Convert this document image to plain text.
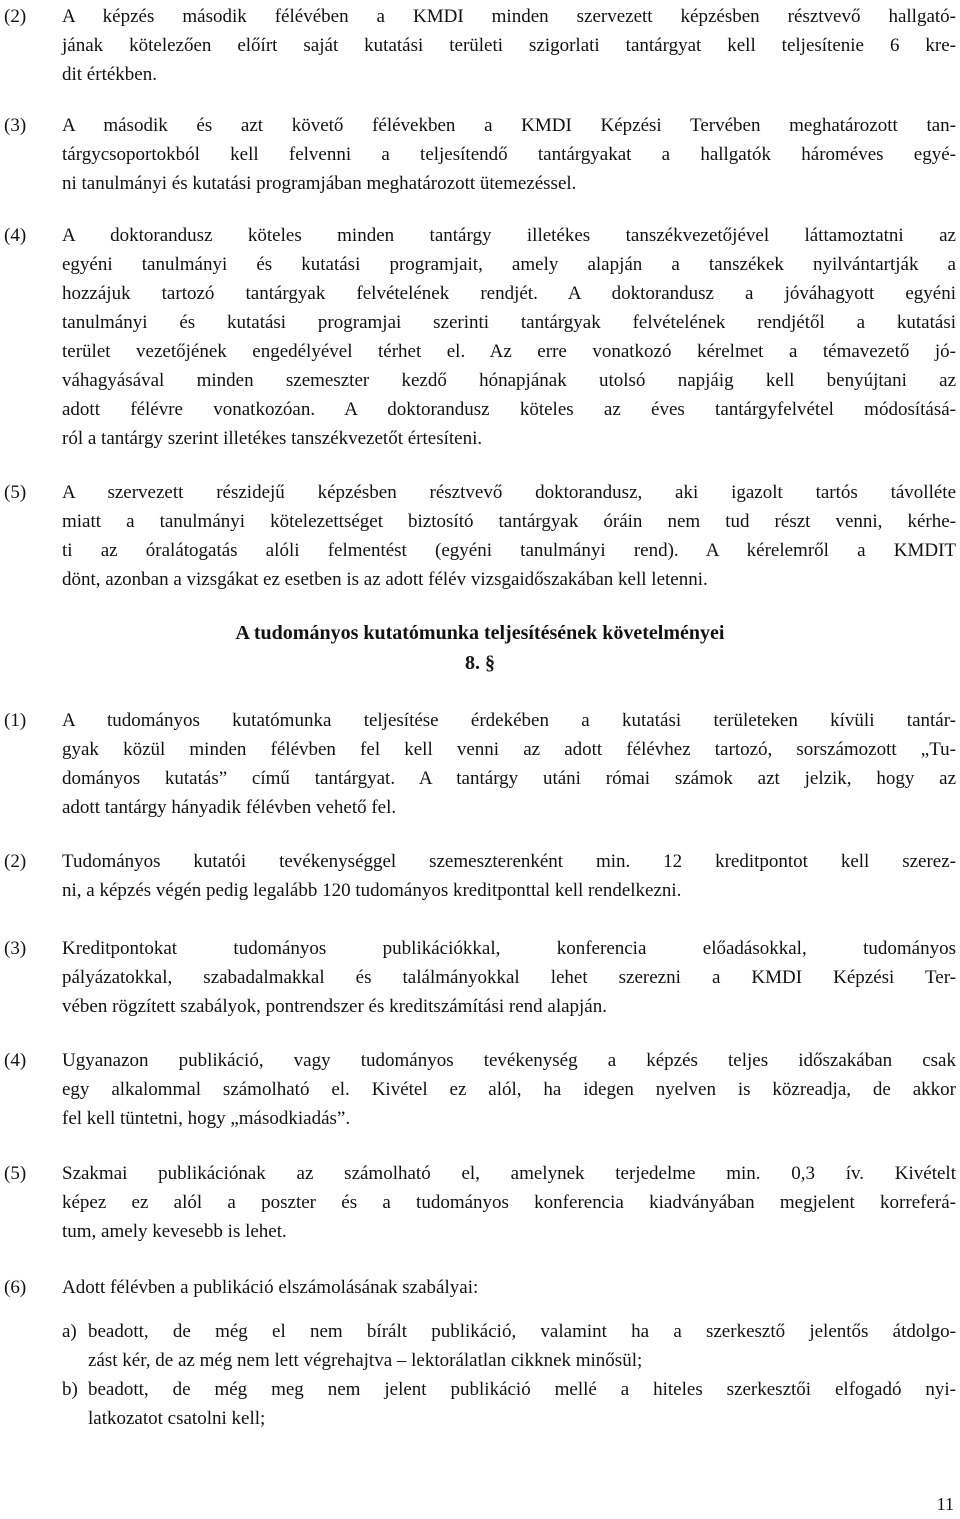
(2) A képzés második félévében a KMDI minden szervezett képzésben résztvevő hallgató-
jának kötelezően előírt saját kutatási területi szigorlati tantárgyat kell teljesítenie 6 kre-
dit értékben.
(3) A második és azt követő félévekben a KMDI Képzési Tervében meghatározott tan-
tárgycsoportokból kell felvenni a teljesítendő tantárgyakat a hallgatók hároméves egyé-
ni tanulmányi és kutatási programjában meghatározott ütemezéssel.
(4) A doktorandusz köteles minden tantárgy illetékes tanszékvezetőjével láttamoztatni az
egyéni tanulmányi és kutatási programjait, amely alapján a tanszékek nyilvántartják a
hozzájuk tartozó tantárgyak felvételének rendjét. A doktorandusz a jóváhagyott egyéni
tanulmányi és kutatási programjai szerinti tantárgyak felvételének rendjétől a kutatási
terület vezetőjének engedélyével térhet el. Az erre vonatkozó kérelmet a témavezető jó-
váhagyásával minden szemeszter kezdő hónapjának utolsó napjáig kell benyújtani az
adott félévre vonatkozóan. A doktorandusz köteles az éves tantárgyfelvétel módosításá-
ról a tantárgy szerint illetékes tanszékvezetőt értesíteni.
(5) A szervezett részidejű képzésben résztvevő doktorandusz, aki igazolt tartós távolléte
miatt a tanulmányi kötelezettséget biztosító tantárgyak óráin nem tud részt venni, kérhe-
ti az óralátogatás alóli felmentést (egyéni tanulmányi rend). A kérelemről a KMDIT
dönt, azonban a vizsgákat ez esetben is az adott félév vizsgaidőszakában kell letenni.
A tudományos kutatómunka teljesítésének követelményei
8. §
(1) A tudományos kutatómunka teljesítése érdekében a kutatási területeken kívüli tantár-
gyak közül minden félévben fel kell venni az adott félévhez tartozó, sorszámozott „Tu-
dományos kutatás” című tantárgyat. A tantárgy utáni római számok azt jelzik, hogy az
adott tantárgy hányadik félévben vehető fel.
(2) Tudományos kutatói tevékenységgel szemeszterenként min. 12 kreditpontot kell szerez-
ni, a képzés végén pedig legalább 120 tudományos kreditponttal kell rendelkezni.
(3) Kreditpontokat tudományos publikációkkal, konferencia előadásokkal, tudományos
pályázatokkal, szabadalmakkal és találmányokkal lehet szerezni a KMDI Képzési Ter-
vében rögzített szabályok, pontrendszer és kreditszámítási rend alapján.
(4) Ugyanazon publikáció, vagy tudományos tevékenység a képzés teljes időszakában csak
egy alkalommal számolható el. Kivétel ez alól, ha idegen nyelven is közreadja, de akkor
fel kell tüntetni, hogy „másodkiadás”.
(5) Szakmai publikációnak az számolható el, amelynek terjedelme min. 0,3 ív. Kivételt
képez ez alól a poszter és a tudományos konferencia kiadványában megjelent korreferá-
tum, amely kevesebb is lehet.
(6) Adott félévben a publikáció elszámolásának szabályai:
a) beadott, de még el nem bírált publikáció, valamint ha a szerkesztő jelentős átdolgo-
zást kér, de az még nem lett végrehajtva – lektorálatlan cikknek minősül;
b) beadott, de még meg nem jelent publikáció mellé a hiteles szerkesztői elfogadó nyi-
latkozatot csatolni kell;
11
